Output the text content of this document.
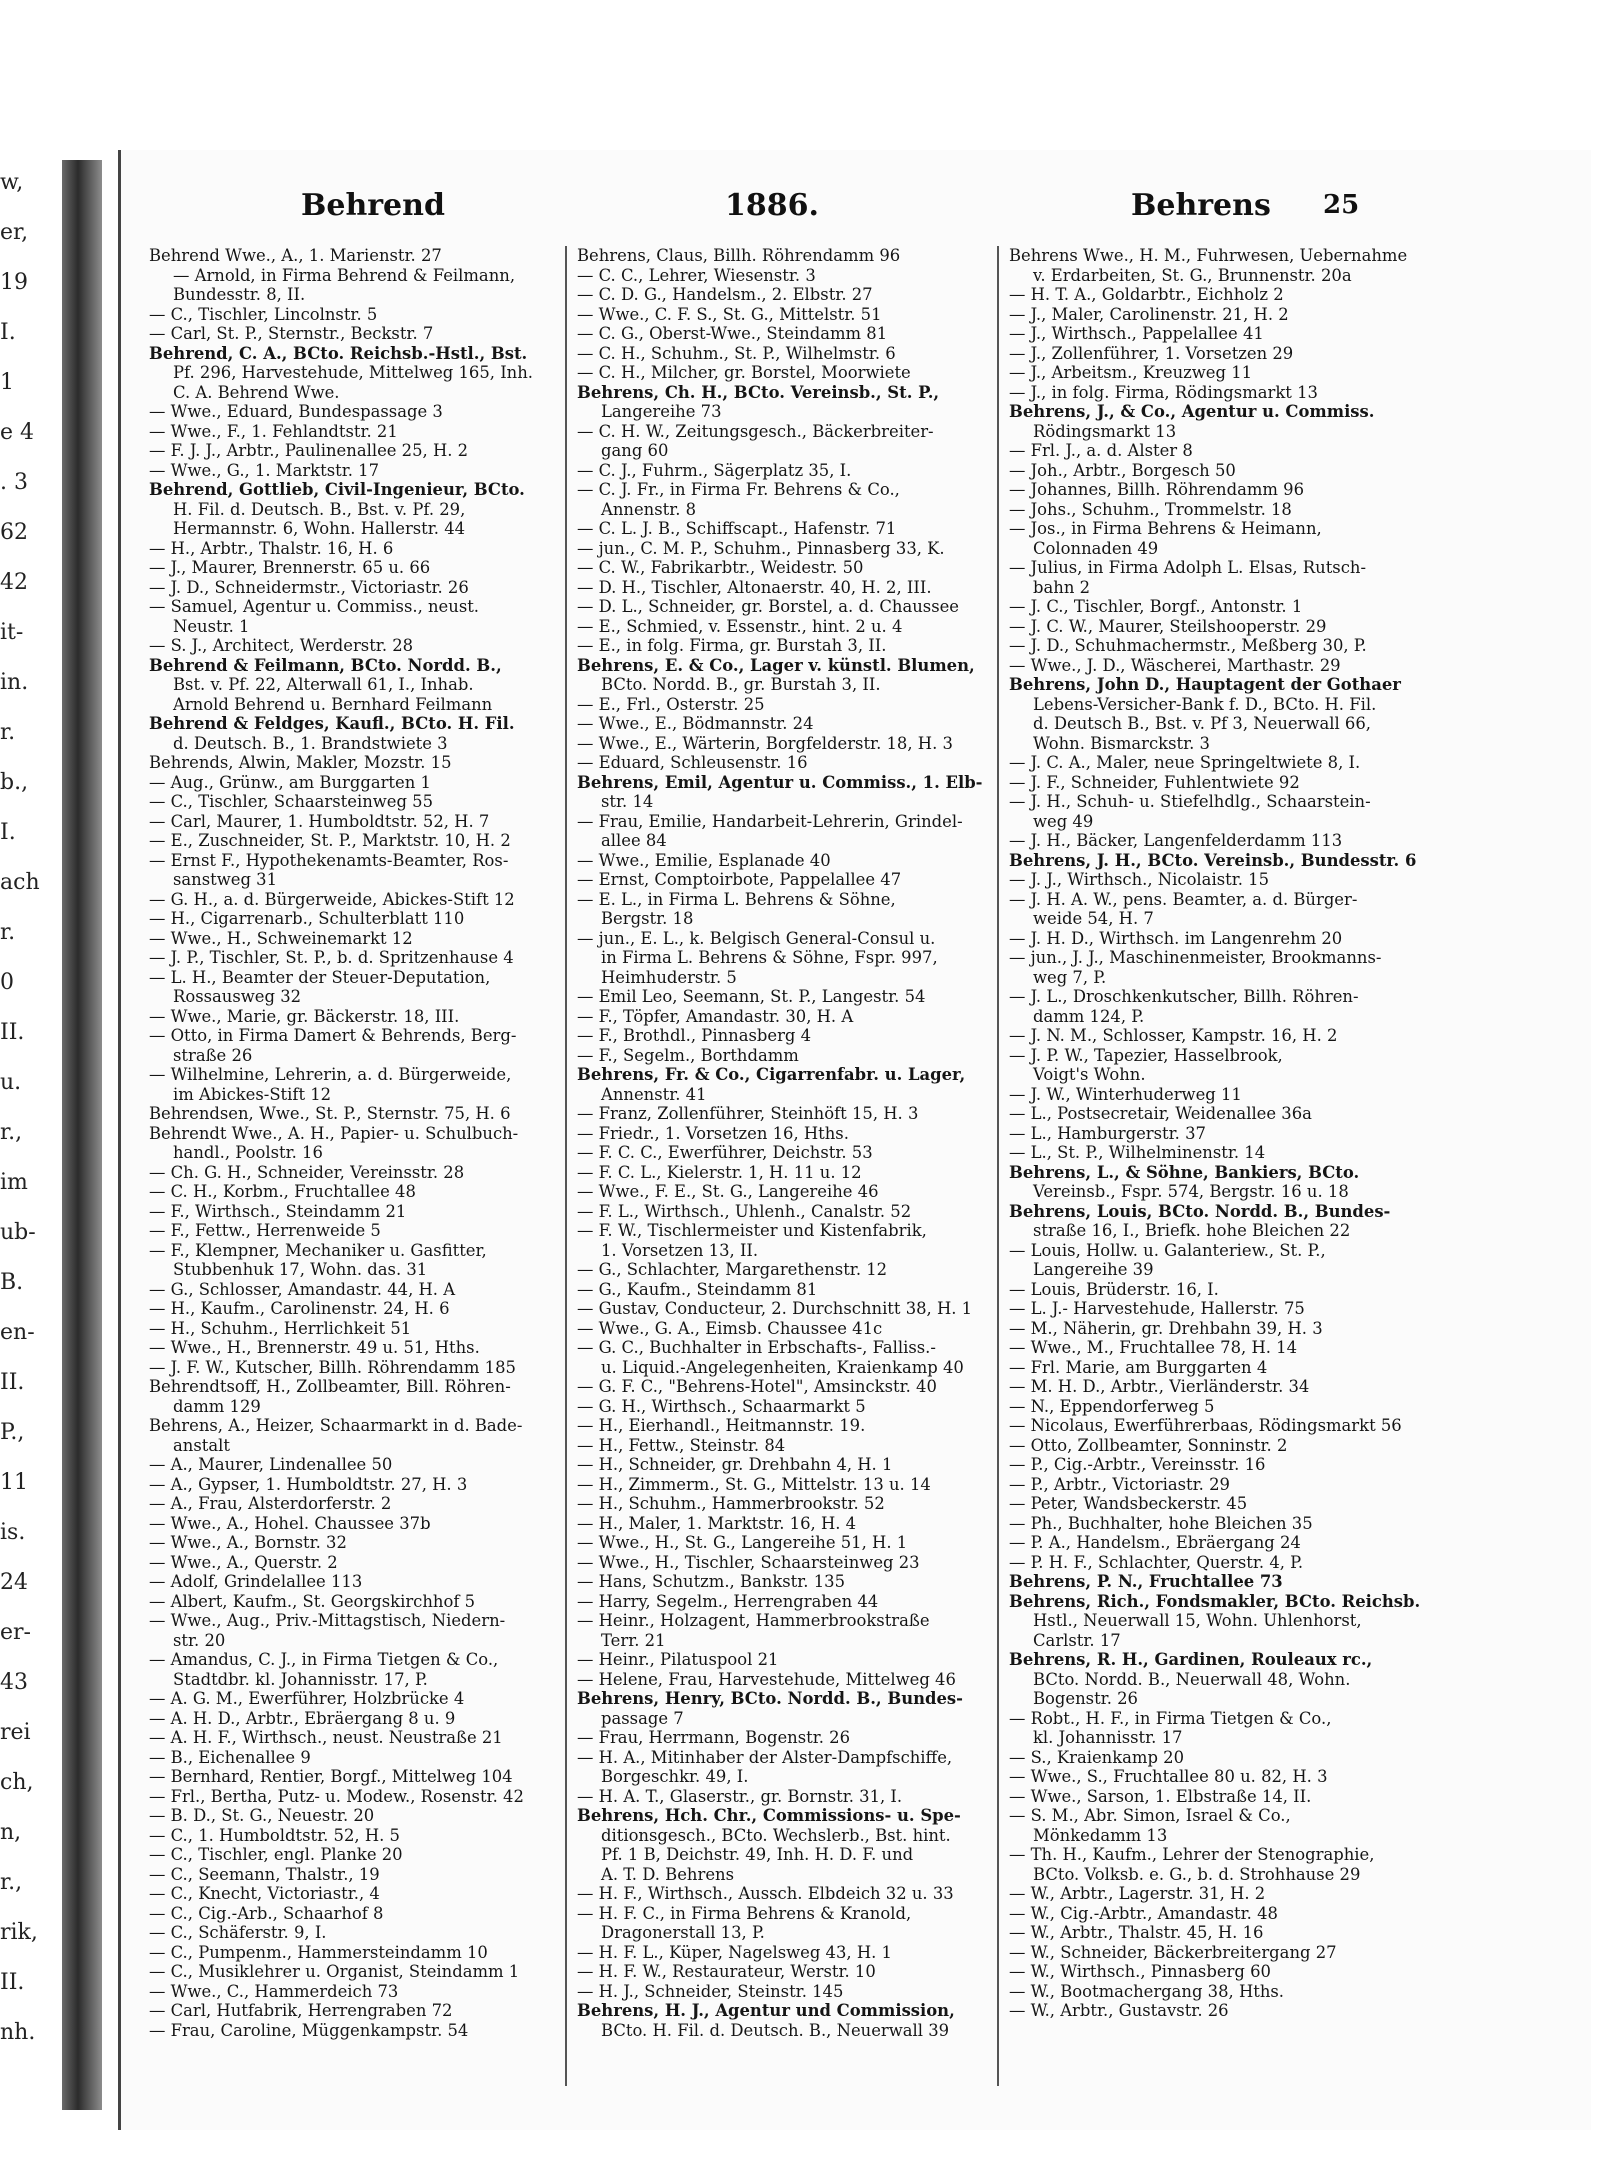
w,
er,
19
I.
1
e 4
. 3
62
42
it-
in.
r.
b.,
I.
ach
r.
0
II.
u.
r.,
im
ub-
B.
en-
II.
P.,
11
is.
24
er-
43
rei
ch,
n,
r.,
rik,
II.
nh.
Behrend	1886.	Behrens 25
Behrend Wwe., A., 1. Marienstr. 27
— Arnold, in Firma Behrend & Feilmann,
Bundesstr. 8, II.
— C., Tischler, Lincolnstr. 5
— Carl, St. P., Sternstr., Beckstr. 7
Behrend, C. A., BCto. Reichsb.-Hstl., Bst.
Pf. 296, Harvestehude, Mittelweg 165, Inh.
C. A. Behrend Wwe.
— Wwe., Eduard, Bundespassage 3
— Wwe., F., 1. Fehlandtstr. 21
— F. J. J., Arbtr., Paulinenallee 25, H. 2
— Wwe., G., 1. Marktstr. 17
Behrend, Gottlieb, Civil-Ingenieur, BCto.
H. Fil. d. Deutsch. B., Bst. v. Pf. 29,
Hermannstr. 6, Wohn. Hallerstr. 44
— H., Arbtr., Thalstr. 16, H. 6
— J., Maurer, Brennerstr. 65 u. 66
— J. D., Schneidermstr., Victoriastr. 26
— Samuel, Agentur u. Commiss., neust.
Neustr. 1
— S. J., Architect, Werderstr. 28
Behrend & Feilmann, BCto. Nordd. B.,
Bst. v. Pf. 22, Alterwall 61, I., Inhab.
Arnold Behrend u. Bernhard Feilmann
Behrend & Feldges, Kaufl., BCto. H. Fil.
d. Deutsch. B., 1. Brandstwiete 3
Behrends, Alwin, Makler, Mozstr. 15
— Aug., Grünw., am Burggarten 1
— C., Tischler, Schaarsteinweg 55
— Carl, Maurer, 1. Humboldtstr. 52, H. 7
— E., Zuschneider, St. P., Marktstr. 10, H. 2
— Ernst F., Hypothekenamts-Beamter, Ros-
sanstweg 31
— G. H., a. d. Bürgerweide, Abickes-Stift 12
— H., Cigarrenarb., Schulterblatt 110
— Wwe., H., Schweinemarkt 12
— J. P., Tischler, St. P., b. d. Spritzenhause 4
— L. H., Beamter der Steuer-Deputation,
Rossausweg 32
— Wwe., Marie, gr. Bäckerstr. 18, III.
— Otto, in Firma Damert & Behrends, Berg-
straße 26
— Wilhelmine, Lehrerin, a. d. Bürgerweide,
im Abickes-Stift 12
Behrendsen, Wwe., St. P., Sternstr. 75, H. 6
Behrendt Wwe., A. H., Papier- u. Schulbuch-
handl., Poolstr. 16
— Ch. G. H., Schneider, Vereinsstr. 28
— C. H., Korbm., Fruchtallee 48
— F., Wirthsch., Steindamm 21
— F., Fettw., Herrenweide 5
— F., Klempner, Mechaniker u. Gasfitter,
Stubbenhuk 17, Wohn. das. 31
— G., Schlosser, Amandastr. 44, H. A
— H., Kaufm., Carolinenstr. 24, H. 6
— H., Schuhm., Herrlichkeit 51
— Wwe., H., Brennerstr. 49 u. 51, Hths.
— J. F. W., Kutscher, Billh. Röhrendamm 185
Behrendtsoff, H., Zollbeamter, Bill. Röhren-
damm 129
Behrens, A., Heizer, Schaarmarkt in d. Bade-
anstalt
— A., Maurer, Lindenallee 50
— A., Gypser, 1. Humboldtstr. 27, H. 3
— A., Frau, Alsterdorferstr. 2
— Wwe., A., Hohel. Chaussee 37b
— Wwe., A., Bornstr. 32
— Wwe., A., Querstr. 2
— Adolf, Grindelallee 113
— Albert, Kaufm., St. Georgskirchhof 5
— Wwe., Aug., Priv.-Mittagstisch, Niedern-
str. 20
— Amandus, C. J., in Firma Tietgen & Co.,
Stadtdbr. kl. Johannisstr. 17, P.
— A. G. M., Ewerführer, Holzbrücke 4
— A. H. D., Arbtr., Ebräergang 8 u. 9
— A. H. F., Wirthsch., neust. Neustraße 21
— B., Eichenallee 9
— Bernhard, Rentier, Borgf., Mittelweg 104
— Frl., Bertha, Putz- u. Modew., Rosenstr. 42
— B. D., St. G., Neuestr. 20
— C., 1. Humboldtstr. 52, H. 5
— C., Tischler, engl. Planke 20
— C., Seemann, Thalstr., 19
— C., Knecht, Victoriastr., 4
— C., Cig.-Arb., Schaarhof 8
— C., Schäferstr. 9, I.
— C., Pumpenm., Hammersteindamm 10
— C., Musiklehrer u. Organist, Steindamm 1
— Wwe., C., Hammerdeich 73
— Carl, Hutfabrik, Herrengraben 72
— Frau, Caroline, Müggenkampstr. 54
Behrens, Claus, Billh. Röhrendamm 96
— C. C., Lehrer, Wiesenstr. 3
— C. D. G., Handelsm., 2. Elbstr. 27
— Wwe., C. F. S., St. G., Mittelstr. 51
— C. G., Oberst-Wwe., Steindamm 81
— C. H., Schuhm., St. P., Wilhelmstr. 6
— C. H., Milcher, gr. Borstel, Moorwiete
Behrens, Ch. H., BCto. Vereinsb., St. P.,
Langereihe 73
— C. H. W., Zeitungsgesch., Bäckerbreiter-
gang 60
— C. J., Fuhrm., Sägerplatz 35, I.
— C. J. Fr., in Firma Fr. Behrens & Co.,
Annenstr. 8
— C. L. J. B., Schiffscapt., Hafenstr. 71
— jun., C. M. P., Schuhm., Pinnasberg 33, K.
— C. W., Fabrikarbtr., Weidestr. 50
— D. H., Tischler, Altonaerstr. 40, H. 2, III.
— D. L., Schneider, gr. Borstel, a. d. Chaussee
— E., Schmied, v. Essenstr., hint. 2 u. 4
— E., in folg. Firma, gr. Burstah 3, II.
Behrens, E. & Co., Lager v. künstl. Blumen,
BCto. Nordd. B., gr. Burstah 3, II.
— E., Frl., Osterstr. 25
— Wwe., E., Bödmannstr. 24
— Wwe., E., Wärterin, Borgfelderstr. 18, H. 3
— Eduard, Schleusenstr. 16
Behrens, Emil, Agentur u. Commiss., 1. Elb-
str. 14
— Frau, Emilie, Handarbeit-Lehrerin, Grindel-
allee 84
— Wwe., Emilie, Esplanade 40
— Ernst, Comptoirbote, Pappelallee 47
— E. L., in Firma L. Behrens & Söhne,
Bergstr. 18
— jun., E. L., k. Belgisch General-Consul u.
in Firma L. Behrens & Söhne, Fspr. 997,
Heimhuderstr. 5
— Emil Leo, Seemann, St. P., Langestr. 54
— F., Töpfer, Amandastr. 30, H. A
— F., Brothdl., Pinnasberg 4
— F., Segelm., Borthdamm
Behrens, Fr. & Co., Cigarrenfabr. u. Lager,
Annenstr. 41
— Franz, Zollenführer, Steinhöft 15, H. 3
— Friedr., 1. Vorsetzen 16, Hths.
— F. C. C., Ewerführer, Deichstr. 53
— F. C. L., Kielerstr. 1, H. 11 u. 12
— Wwe., F. E., St. G., Langereihe 46
— F. L., Wirthsch., Uhlenh., Canalstr. 52
— F. W., Tischlermeister und Kistenfabrik,
1. Vorsetzen 13, II.
— G., Schlachter, Margarethenstr. 12
— G., Kaufm., Steindamm 81
— Gustav, Conducteur, 2. Durchschnitt 38, H. 1
— Wwe., G. A., Eimsb. Chaussee 41c
— G. C., Buchhalter in Erbschafts-, Falliss.-
u. Liquid.-Angelegenheiten, Kraienkamp 40
— G. F. C., "Behrens-Hotel", Amsinckstr. 40
— G. H., Wirthsch., Schaarmarkt 5
— H., Eierhandl., Heitmannstr. 19.
— H., Fettw., Steinstr. 84
— H., Schneider, gr. Drehbahn 4, H. 1
— H., Zimmerm., St. G., Mittelstr. 13 u. 14
— H., Schuhm., Hammerbrookstr. 52
— H., Maler, 1. Marktstr. 16, H. 4
— Wwe., H., St. G., Langereihe 51, H. 1
— Wwe., H., Tischler, Schaarsteinweg 23
— Hans, Schutzm., Bankstr. 135
— Harry, Segelm., Herrengraben 44
— Heinr., Holzagent, Hammerbrookstraße
Terr. 21
— Heinr., Pilatuspool 21
— Helene, Frau, Harvestehude, Mittelweg 46
Behrens, Henry, BCto. Nordd. B., Bundes-
passage 7
— Frau, Herrmann, Bogenstr. 26
— H. A., Mitinhaber der Alster-Dampfschiffe,
Borgeschkr. 49, I.
— H. A. T., Glaserstr., gr. Bornstr. 31, I.
Behrens, Hch. Chr., Commissions- u. Spe-
ditionsgesch., BCto. Wechslerb., Bst. hint.
Pf. 1 B, Deichstr. 49, Inh. H. D. F. und
A. T. D. Behrens
— H. F., Wirthsch., Aussch. Elbdeich 32 u. 33
— H. F. C., in Firma Behrens & Kranold,
Dragonerstall 13, P.
— H. F. L., Küper, Nagelsweg 43, H. 1
— H. F. W., Restaurateur, Werstr. 10
— H. J., Schneider, Steinstr. 145
Behrens, H. J., Agentur und Commission,
BCto. H. Fil. d. Deutsch. B., Neuerwall 39
Behrens Wwe., H. M., Fuhrwesen, Uebernahme
v. Erdarbeiten, St. G., Brunnenstr. 20a
— H. T. A., Goldarbtr., Eichholz 2
— J., Maler, Carolinenstr. 21, H. 2
— J., Wirthsch., Pappelallee 41
— J., Zollenführer, 1. Vorsetzen 29
— J., Arbeitsm., Kreuzweg 11
— J., in folg. Firma, Rödingsmarkt 13
Behrens, J., & Co., Agentur u. Commiss.
Rödingsmarkt 13
— Frl. J., a. d. Alster 8
— Joh., Arbtr., Borgesch 50
— Johannes, Billh. Röhrendamm 96
— Johs., Schuhm., Trommelstr. 18
— Jos., in Firma Behrens & Heimann,
Colonnaden 49
— Julius, in Firma Adolph L. Elsas, Rutsch-
bahn 2
— J. C., Tischler, Borgf., Antonstr. 1
— J. C. W., Maurer, Steilshooperstr. 29
— J. D., Schuhmachermstr., Meßberg 30, P.
— Wwe., J. D., Wäscherei, Marthastr. 29
Behrens, John D., Hauptagent der Gothaer
Lebens-Versicher-Bank f. D., BCto. H. Fil.
d. Deutsch B., Bst. v. Pf 3, Neuerwall 66,
Wohn. Bismarckstr. 3
— J. C. A., Maler, neue Springeltwiete 8, I.
— J. F., Schneider, Fuhlentwiete 92
— J. H., Schuh- u. Stiefelhdlg., Schaarstein-
weg 49
— J. H., Bäcker, Langenfelderdamm 113
Behrens, J. H., BCto. Vereinsb., Bundesstr. 6
— J. J., Wirthsch., Nicolaistr. 15
— J. H. A. W., pens. Beamter, a. d. Bürger-
weide 54, H. 7
— J. H. D., Wirthsch. im Langenrehm 20
— jun., J. J., Maschinenmeister, Brookmanns-
weg 7, P.
— J. L., Droschkenkutscher, Billh. Röhren-
damm 124, P.
— J. N. M., Schlosser, Kampstr. 16, H. 2
— J. P. W., Tapezier, Hasselbrook,
Voigt's Wohn.
— J. W., Winterhuderweg 11
— L., Postsecretair, Weidenallee 36a
— L., Hamburgerstr. 37
— L., St. P., Wilhelminenstr. 14
Behrens, L., & Söhne, Bankiers, BCto.
Vereinsb., Fspr. 574, Bergstr. 16 u. 18
Behrens, Louis, BCto. Nordd. B., Bundes-
straße 16, I., Briefk. hohe Bleichen 22
— Louis, Hollw. u. Galanteriew., St. P.,
Langereihe 39
— Louis, Brüderstr. 16, I.
— L. J.- Harvestehude, Hallerstr. 75
— M., Näherin, gr. Drehbahn 39, H. 3
— Wwe., M., Fruchtallee 78, H. 14
— Frl. Marie, am Burggarten 4
— M. H. D., Arbtr., Vierländerstr. 34
— N., Eppendorferweg 5
— Nicolaus, Ewerführerbaas, Rödingsmarkt 56
— Otto, Zollbeamter, Sonninstr. 2
— P., Cig.-Arbtr., Vereinsstr. 16
— P., Arbtr., Victoriastr. 29
— Peter, Wandsbeckerstr. 45
— Ph., Buchhalter, hohe Bleichen 35
— P. A., Handelsm., Ebräergang 24
— P. H. F., Schlachter, Querstr. 4, P.
Behrens, P. N., Fruchtallee 73
Behrens, Rich., Fondsmakler, BCto. Reichsb.
Hstl., Neuerwall 15, Wohn. Uhlenhorst,
Carlstr. 17
Behrens, R. H., Gardinen, Rouleaux rc.,
BCto. Nordd. B., Neuerwall 48, Wohn.
Bogenstr. 26
— Robt., H. F., in Firma Tietgen & Co.,
kl. Johannisstr. 17
— S., Kraienkamp 20
— Wwe., S., Fruchtallee 80 u. 82, H. 3
— Wwe., Sarson, 1. Elbstraße 14, II.
— S. M., Abr. Simon, Israel & Co.,
Mönkedamm 13
— Th. H., Kaufm., Lehrer der Stenographie,
BCto. Volksb. e. G., b. d. Strohhause 29
— W., Arbtr., Lagerstr. 31, H. 2
— W., Cig.-Arbtr., Amandastr. 48
— W., Arbtr., Thalstr. 45, H. 16
— W., Schneider, Bäckerbreitergang 27
— W., Wirthsch., Pinnasberg 60
— W., Bootmachergang 38, Hths.
— W., Arbtr., Gustavstr. 26
